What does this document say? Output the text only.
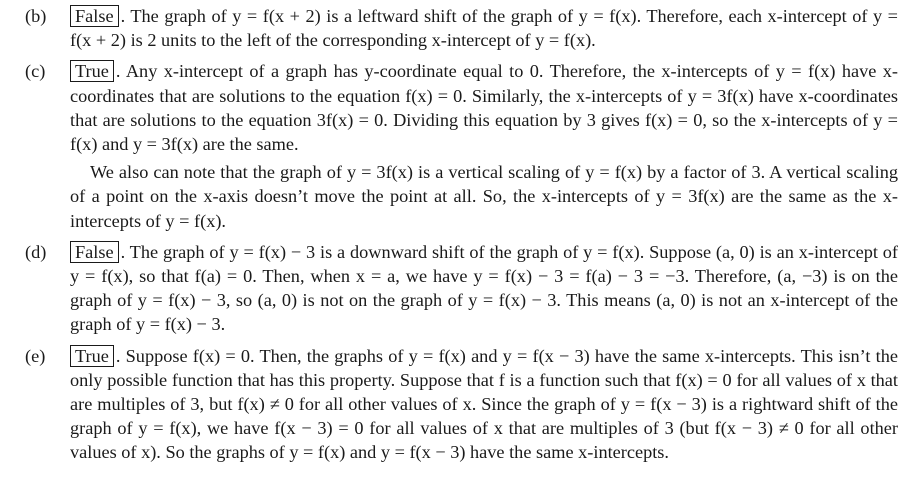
(b) False . The graph of y = f(x + 2) is a leftward shift of the graph of y = f(x). Therefore, each x-intercept of y = f(x + 2) is 2 units to the left of the corresponding x-intercept of y = f(x).

(c) True . Any x-intercept of a graph has y-coordinate equal to 0. Therefore, the x-intercepts of y = f(x) have x-coordinates that are solutions to the equation f(x) = 0. Similarly, the x-intercepts of y = 3f(x) have x-coordinates that are solutions to the equation 3f(x) = 0. Dividing this equation by 3 gives f(x) = 0, so the x-intercepts of y = f(x) and y = 3f(x) are the same.

We also can note that the graph of y = 3f(x) is a vertical scaling of y = f(x) by a factor of 3. A vertical scaling of a point on the x-axis doesn’t move the point at all. So, the x-intercepts of y = 3f(x) are the same as the x-intercepts of y = f(x).

(d) False . The graph of y = f(x) − 3 is a downward shift of the graph of y = f(x). Suppose (a, 0) is an x-intercept of y = f(x), so that f(a) = 0. Then, when x = a, we have y = f(x) − 3 = f(a) − 3 = −3. Therefore, (a, −3) is on the graph of y = f(x) − 3, so (a, 0) is not on the graph of y = f(x) − 3. This means (a, 0) is not an x-intercept of the graph of y = f(x) − 3.

(e) True . Suppose f(x) = 0. Then, the graphs of y = f(x) and y = f(x − 3) have the same x-intercepts. This isn’t the only possible function that has this property. Suppose that f is a function such that f(x) = 0 for all values of x that are multiples of 3, but f(x) ≠ 0 for all other values of x. Since the graph of y = f(x − 3) is a rightward shift of the graph of y = f(x), we have f(x − 3) = 0 for all values of x that are multiples of 3 (but f(x − 3) ≠ 0 for all other values of x). So the graphs of y = f(x) and y = f(x − 3) have the same x-intercepts.
